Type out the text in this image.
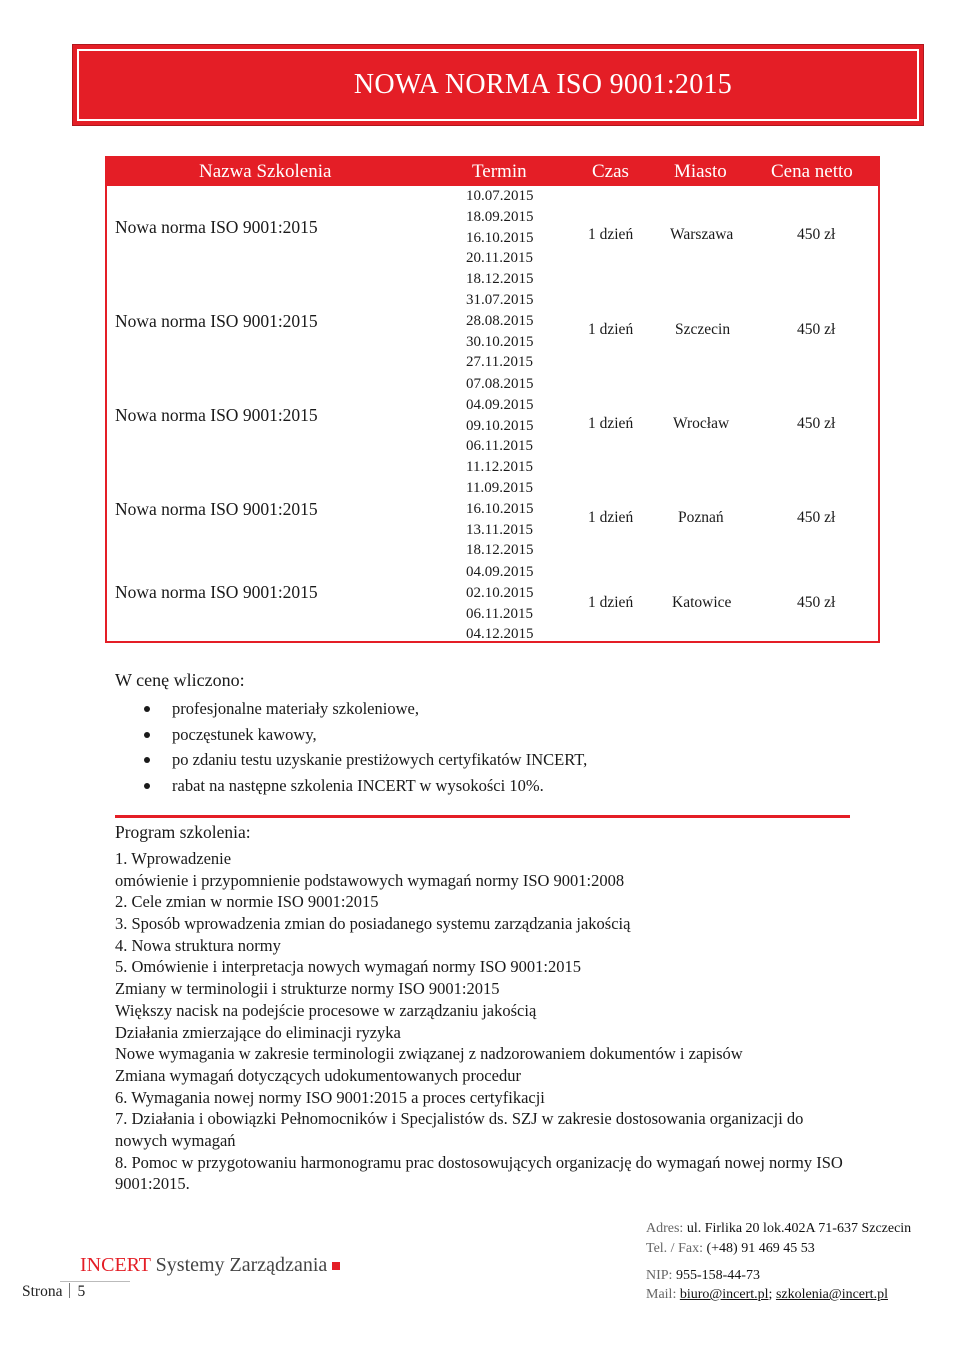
NOWA NORMA ISO 9001:2015
Nazwa Szkolenia	Termin	Czas Miasto Cena netto
Nowa norma ISO 9001:2015
10.07.2015
18.09.2015
16.10.2015
20.11.2015
18.12.2015
1 dzień Warszawa	450 zł
Nowa norma ISO 9001:2015
31.07.2015
28.08.2015
30.10.2015
27.11.2015
1 dzień	Szczecin	450 zł
Nowa norma ISO 9001:2015
07.08.2015
04.09.2015
09.10.2015
06.11.2015
11.12.2015
1 dzień	Wrocław	450 zł
Nowa norma ISO 9001:2015
11.09.2015
16.10.2015
13.11.2015
18.12.2015
1 dzień	Poznań	450 zł
Nowa norma ISO 9001:2015
04.09.2015
02.10.2015
06.11.2015
04.12.2015
1 dzień	Katowice	450 zł
W cenę wliczono:
profesjonalne materiały szkoleniowe,
poczęstunek kawowy,
po zdaniu testu uzyskanie prestiżowych certyfikatów INCERT,
rabat na następne szkolenia INCERT w wysokości 10%.
Program szkolenia:
1. Wprowadzenie
omówienie i przypomnienie podstawowych wymagań normy ISO 9001:2008
2. Cele zmian w normie ISO 9001:2015
3. Sposób wprowadzenia zmian do posiadanego systemu zarządzania jakością
4. Nowa struktura normy
5. Omówienie i interpretacja nowych wymagań normy ISO 9001:2015
Zmiany w terminologii i strukturze normy ISO 9001:2015
Większy nacisk na podejście procesowe w zarządzaniu jakością
Działania zmierzające do eliminacji ryzyka
Nowe wymagania w zakresie terminologii związanej z nadzorowaniem dokumentów i zapisów
Zmiana wymagań dotyczących udokumentowanych procedur
6. Wymagania nowej normy ISO 9001:2015 a proces certyfikacji
7. Działania i obowiązki Pełnomocników i Specjalistów ds. SZJ w zakresie dostosowania organizacji do nowych wymagań
8. Pomoc w przygotowaniu harmonogramu prac dostosowujących organizację do wymagań nowej normy ISO 9001:2015.
INCERT Systemy Zarządzania
Strona 5
Adres: ul. Firlika 20 lok.402A 71-637 Szczecin
Tel. / Fax: (+48) 91 469 45 53
NIP: 955-158-44-73
Mail: biuro@incert.pl; szkolenia@incert.pl
